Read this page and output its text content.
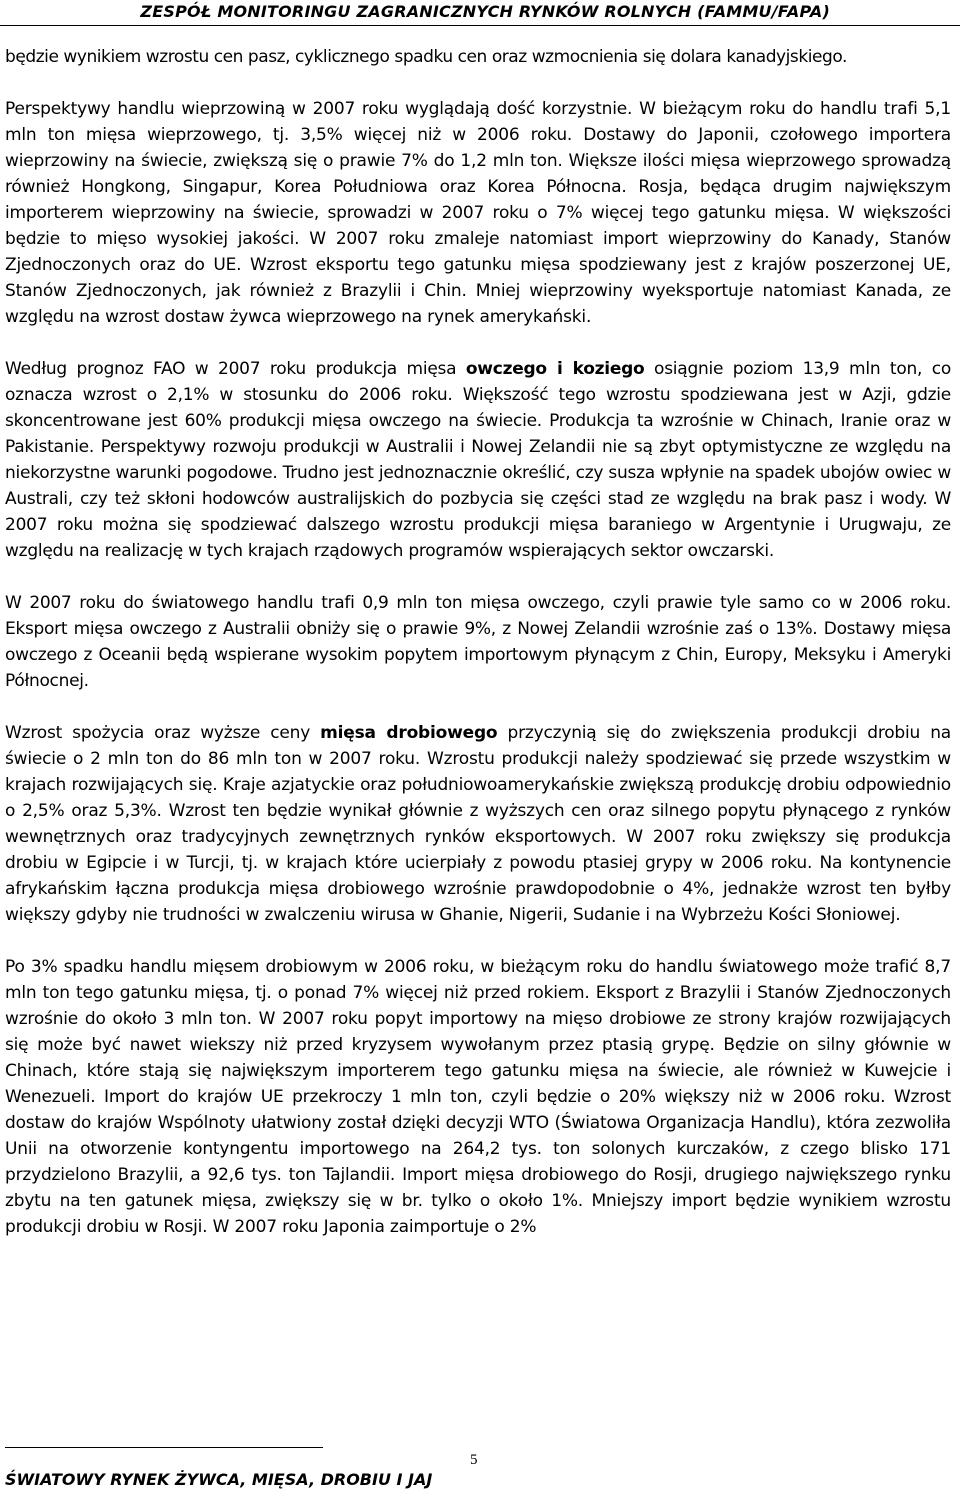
ZESPÓŁ MONITORINGU ZAGRANICZNYCH RYNKÓW ROLNYCH (FAMMU/FAPA)

będzie wynikiem wzrostu cen pasz, cyklicznego spadku cen oraz wzmocnienia się dolara kanadyjskiego.

Perspektywy handlu wieprzowiną w 2007 roku wyglądają dość korzystnie. W bieżącym roku do handlu trafi 5,1 mln ton mięsa wieprzowego, tj. 3,5% więcej niż w 2006 roku. Dostawy do Japonii, czołowego importera wieprzowiny na świecie, zwiększą się o prawie 7% do 1,2 mln ton. Większe ilości mięsa wieprzowego sprowadzą również Hongkong, Singapur, Korea Południowa oraz Korea Północna. Rosja, będąca drugim największym importerem wieprzowiny na świecie, sprowadzi w 2007 roku o 7% więcej tego gatunku mięsa. W większości będzie to mięso wysokiej jakości. W 2007 roku zmaleje natomiast import wieprzowiny do Kanady, Stanów Zjednoczonych oraz do UE. Wzrost eksportu tego gatunku mięsa spodziewany jest z krajów poszerzonej UE, Stanów Zjednoczonych, jak również z Brazylii i Chin. Mniej wieprzowiny wyeksportuje natomiast Kanada, ze względu na wzrost dostaw żywca wieprzowego na rynek amerykański.

Według prognoz FAO w 2007 roku produkcja mięsa owczego i koziego osiągnie poziom 13,9 mln ton, co oznacza wzrost o 2,1% w stosunku do 2006 roku. Większość tego wzrostu spodziewana jest w Azji, gdzie skoncentrowane jest 60% produkcji mięsa owczego na świecie. Produkcja ta wzrośnie w Chinach, Iranie oraz w Pakistanie. Perspektywy rozwoju produkcji w Australii i Nowej Zelandii nie są zbyt optymistyczne ze względu na niekorzystne warunki pogodowe. Trudno jest jednoznacznie określić, czy susza wpłynie na spadek ubojów owiec w Australi, czy też skłoni hodowców australijskich do pozbycia się części stad ze względu na brak pasz i wody. W 2007 roku można się spodziewać dalszego wzrostu produkcji mięsa baraniego w Argentynie i Urugwaju, ze względu na realizację w tych krajach rządowych programów wspierających sektor owczarski.

W 2007 roku do światowego handlu trafi 0,9 mln ton mięsa owczego, czyli prawie tyle samo co w 2006 roku. Eksport mięsa owczego z Australii obniży się o prawie 9%, z Nowej Zelandii wzrośnie zaś o 13%. Dostawy mięsa owczego z Oceanii będą wspierane wysokim popytem importowym płynącym z Chin, Europy, Meksyku i Ameryki Północnej.

Wzrost spożycia oraz wyższe ceny mięsa drobiowego przyczynią się do zwiększenia produkcji drobiu na świecie o 2 mln ton do 86 mln ton w 2007 roku. Wzrostu produkcji należy spodziewać się przede wszystkim w krajach rozwijających się. Kraje azjatyckie oraz południowoamerykańskie zwiększą produkcję drobiu odpowiednio o 2,5% oraz 5,3%. Wzrost ten będzie wynikał głównie z wyższych cen oraz silnego popytu płynącego z rynków wewnętrznych oraz tradycyjnych zewnętrznych rynków eksportowych. W 2007 roku zwiększy się produkcja drobiu w Egipcie i w Turcji, tj. w krajach które ucierpiały z powodu ptasiej grypy w 2006 roku. Na kontynencie afrykańskim łączna produkcja mięsa drobiowego wzrośnie prawdopodobnie o 4%, jednakże wzrost ten byłby większy gdyby nie trudności w zwalczeniu wirusa w Ghanie, Nigerii, Sudanie i na Wybrzeżu Kości Słoniowej.

Po 3% spadku handlu mięsem drobiowym w 2006 roku, w bieżącym roku do handlu światowego może trafić 8,7 mln ton tego gatunku mięsa, tj. o ponad 7% więcej niż przed rokiem. Eksport z Brazylii i Stanów Zjednoczonych wzrośnie do około 3 mln ton. W 2007 roku popyt importowy na mięso drobiowe ze strony krajów rozwijających się może być nawet wiekszy niż przed kryzysem wywołanym przez ptasią grypę. Będzie on silny głównie w Chinach, które stają się największym importerem tego gatunku mięsa na świecie, ale również w Kuwejcie i Wenezueli. Import do krajów UE przekroczy 1 mln ton, czyli będzie o 20% większy niż w 2006 roku. Wzrost dostaw do krajów Wspólnoty ułatwiony został dzięki decyzji WTO (Światowa Organizacja Handlu), która zezwoliła Unii na otworzenie kontyngentu importowego na 264,2 tys. ton solonych kurczaków, z czego blisko 171 przydzielono Brazylii, a 92,6 tys. ton Tajlandii. Import mięsa drobiowego do Rosji, drugiego największego rynku zbytu na ten gatunek mięsa, zwiększy się w br. tylko o około 1%. Mniejszy import będzie wynikiem wzrostu produkcji drobiu w Rosji. W 2007 roku Japonia zaimportuje o 2%

5
ŚWIATOWY RYNEK ŻYWCA, MIĘSA, DROBIU I JAJ
